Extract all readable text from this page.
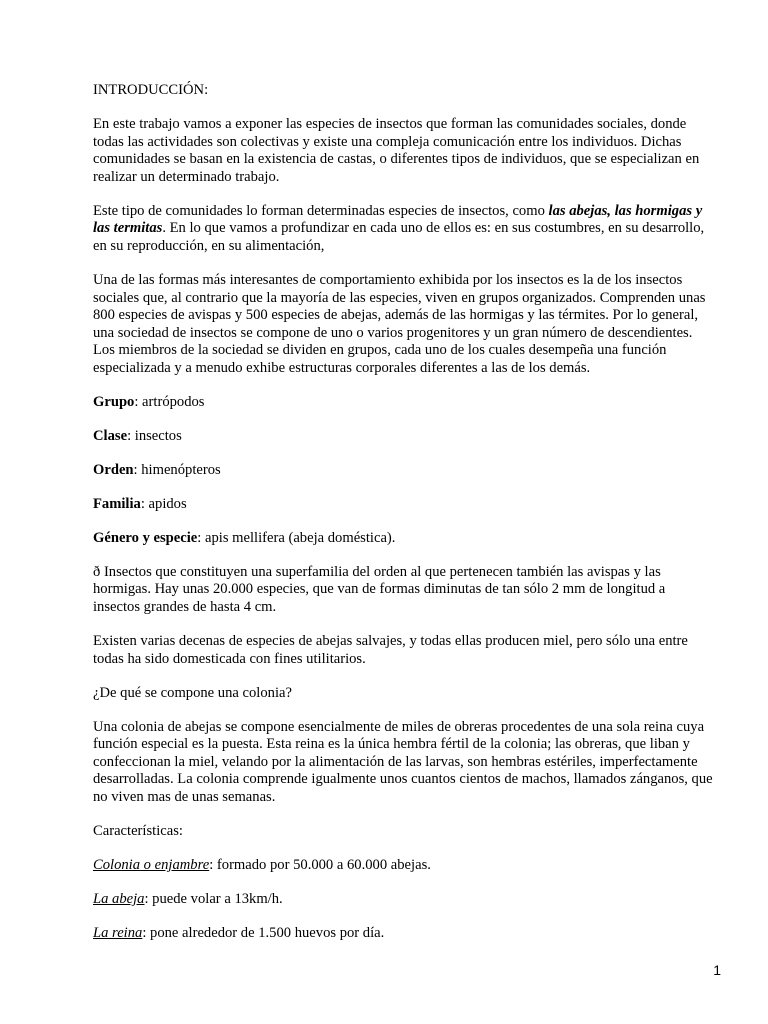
INTRODUCCIÓN:

En este trabajo vamos a exponer las especies de insectos que forman las comunidades sociales, donde todas las actividades son colectivas y existe una compleja comunicación entre los individuos. Dichas comunidades se basan en la existencia de castas, o diferentes tipos de individuos, que se especializan en realizar un determinado trabajo.

Este tipo de comunidades lo forman determinadas especies de insectos, como las abejas, las hormigas y las termitas. En lo que vamos a profundizar en cada uno de ellos es: en sus costumbres, en su desarrollo, en su reproducción, en su alimentación,

Una de las formas más interesantes de comportamiento exhibida por los insectos es la de los insectos sociales que, al contrario que la mayoría de las especies, viven en grupos organizados. Comprenden unas 800 especies de avispas y 500 especies de abejas, además de las hormigas y las térmites. Por lo general, una sociedad de insectos se compone de uno o varios progenitores y un gran número de descendientes. Los miembros de la sociedad se dividen en grupos, cada uno de los cuales desempeña una función especializada y a menudo exhibe estructuras corporales diferentes a las de los demás.

Grupo: artrópodos

Clase: insectos

Orden: himenópteros

Familia: apidos

Género y especie: apis mellifera (abeja doméstica).

ð Insectos que constituyen una superfamilia del orden al que pertenecen también las avispas y las hormigas. Hay unas 20.000 especies, que van de formas diminutas de tan sólo 2 mm de longitud a insectos grandes de hasta 4 cm.

Existen varias decenas de especies de abejas salvajes, y todas ellas producen miel, pero sólo una entre todas ha sido domesticada con fines utilitarios.

¿De qué se compone una colonia?

Una colonia de abejas se compone esencialmente de miles de obreras procedentes de una sola reina cuya función especial es la puesta. Esta reina es la única hembra fértil de la colonia; las obreras, que liban y confeccionan la miel, velando por la alimentación de las larvas, son hembras estériles, imperfectamente desarrolladas. La colonia comprende igualmente unos cuantos cientos de machos, llamados zánganos, que no viven mas de unas semanas.

Características:

Colonia o enjambre: formado por 50.000 a 60.000 abejas.

La abeja: puede volar a 13km/h.

La reina: pone alrededor de 1.500 huevos por día.

1
